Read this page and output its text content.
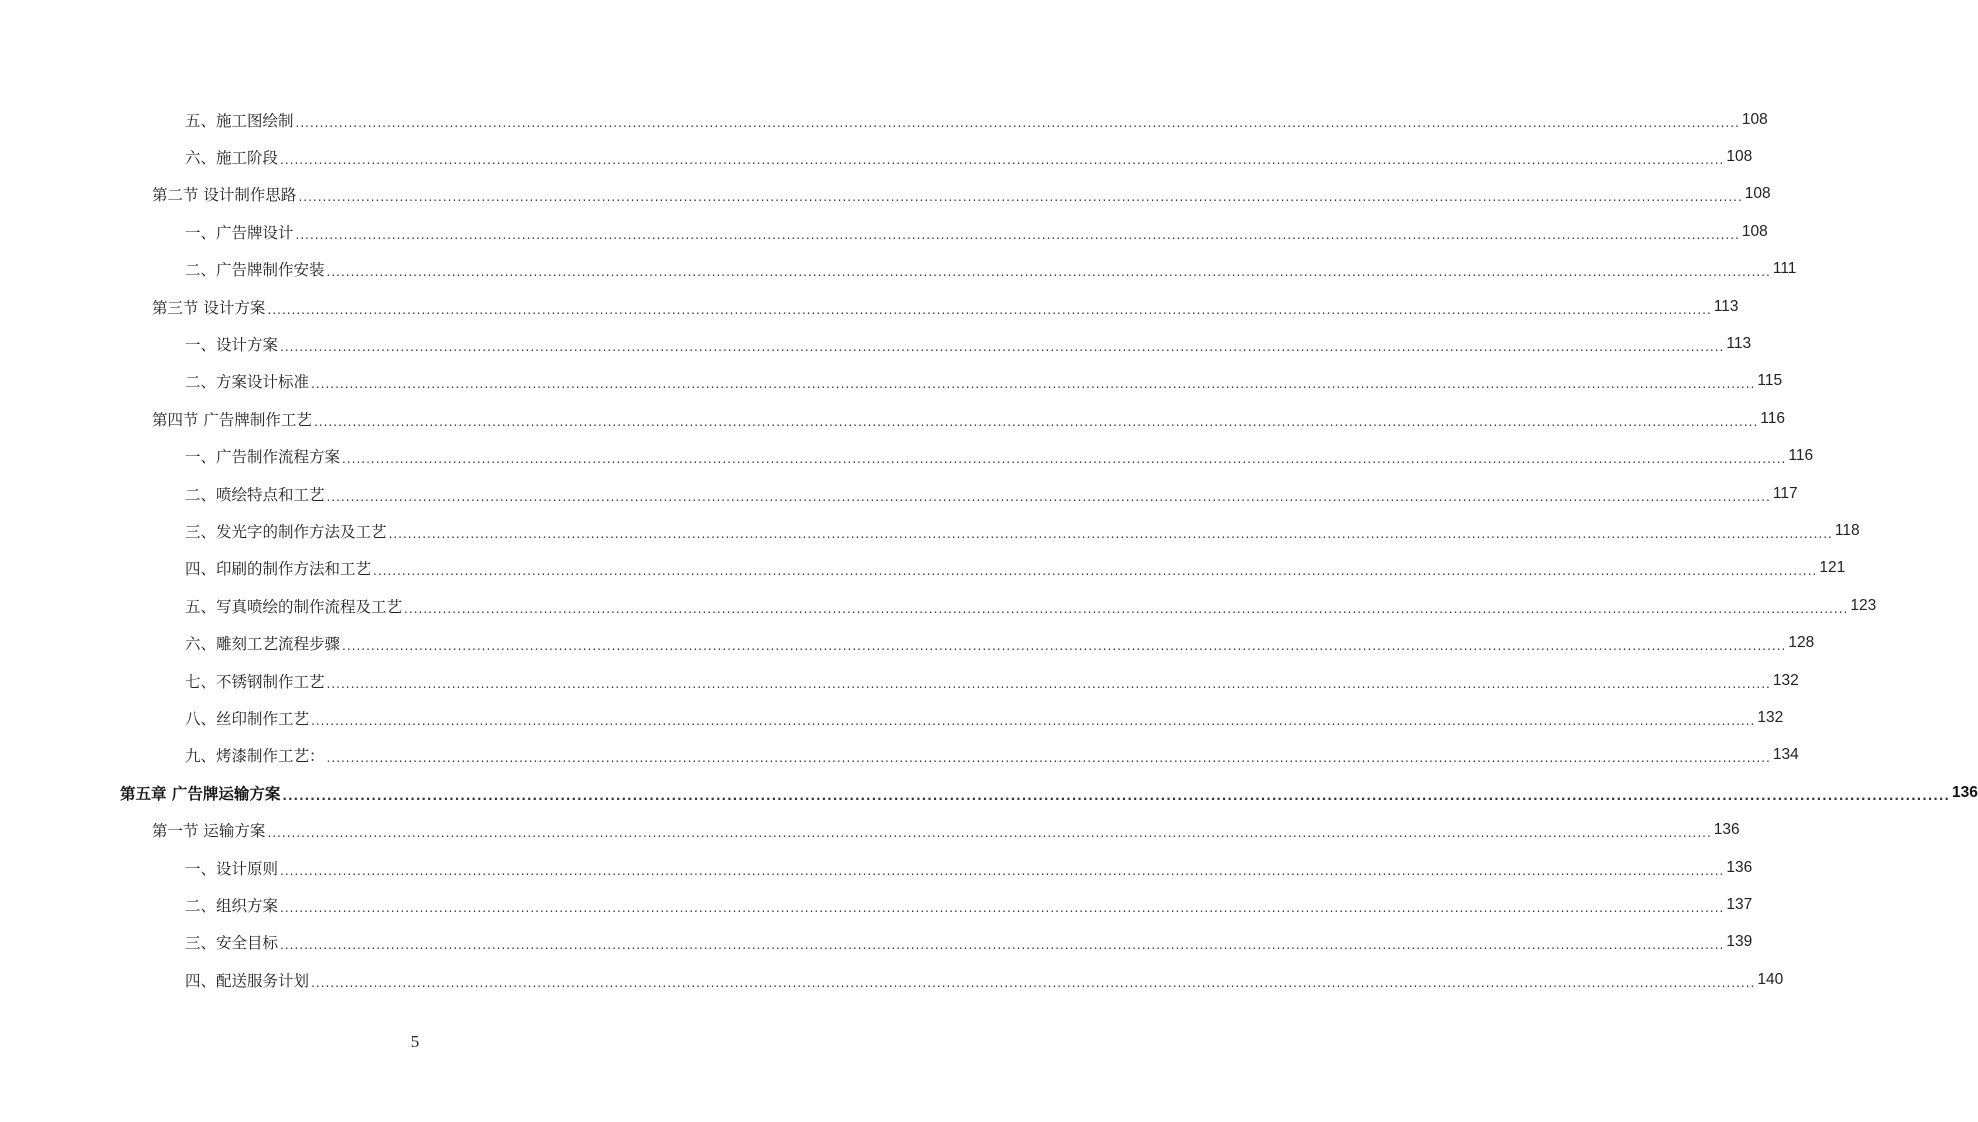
五、施工图绘制 ............................................................................................................................................................................................................................................................................................................ 108
六、施工阶段 ............................................................................................................................................................................................................................................................................................................ 108
第二节 设计制作思路 ............................................................................................................................................................................................................................................................................................................ 108
一、广告牌设计 ............................................................................................................................................................................................................................................................................................................ 108
二、广告牌制作安装 ............................................................................................................................................................................................................................................................................................................ 111
第三节 设计方案 ............................................................................................................................................................................................................................................................................................................ 113
一、设计方案 ............................................................................................................................................................................................................................................................................................................ 113
二、方案设计标准 ............................................................................................................................................................................................................................................................................................................ 115
第四节 广告牌制作工艺 ............................................................................................................................................................................................................................................................................................................ 116
一、广告制作流程方案 ............................................................................................................................................................................................................................................................................................................ 116
二、喷绘特点和工艺 ............................................................................................................................................................................................................................................................................................................ 117
三、发光字的制作方法及工艺 ............................................................................................................................................................................................................................................................................................................ 118
四、印刷的制作方法和工艺 ............................................................................................................................................................................................................................................................................................................ 121
五、写真喷绘的制作流程及工艺 ............................................................................................................................................................................................................................................................................................................ 123
六、雕刻工艺流程步骤 ............................................................................................................................................................................................................................................................................................................ 128
七、不锈钢制作工艺 ............................................................................................................................................................................................................................................................................................................ 132
八、丝印制作工艺 ............................................................................................................................................................................................................................................................................................................ 132
九、烤漆制作工艺： ............................................................................................................................................................................................................................................................................................................ 134
第五章 广告牌运输方案 ............................................................................................................................................................................................................................................................................................................ 136
第一节 运输方案 ............................................................................................................................................................................................................................................................................................................ 136
一、设计原则 ............................................................................................................................................................................................................................................................................................................ 136
二、组织方案 ............................................................................................................................................................................................................................................................................................................ 137
三、安全目标 ............................................................................................................................................................................................................................................................................................................ 139
四、配送服务计划 ............................................................................................................................................................................................................................................................................................................ 140
5
